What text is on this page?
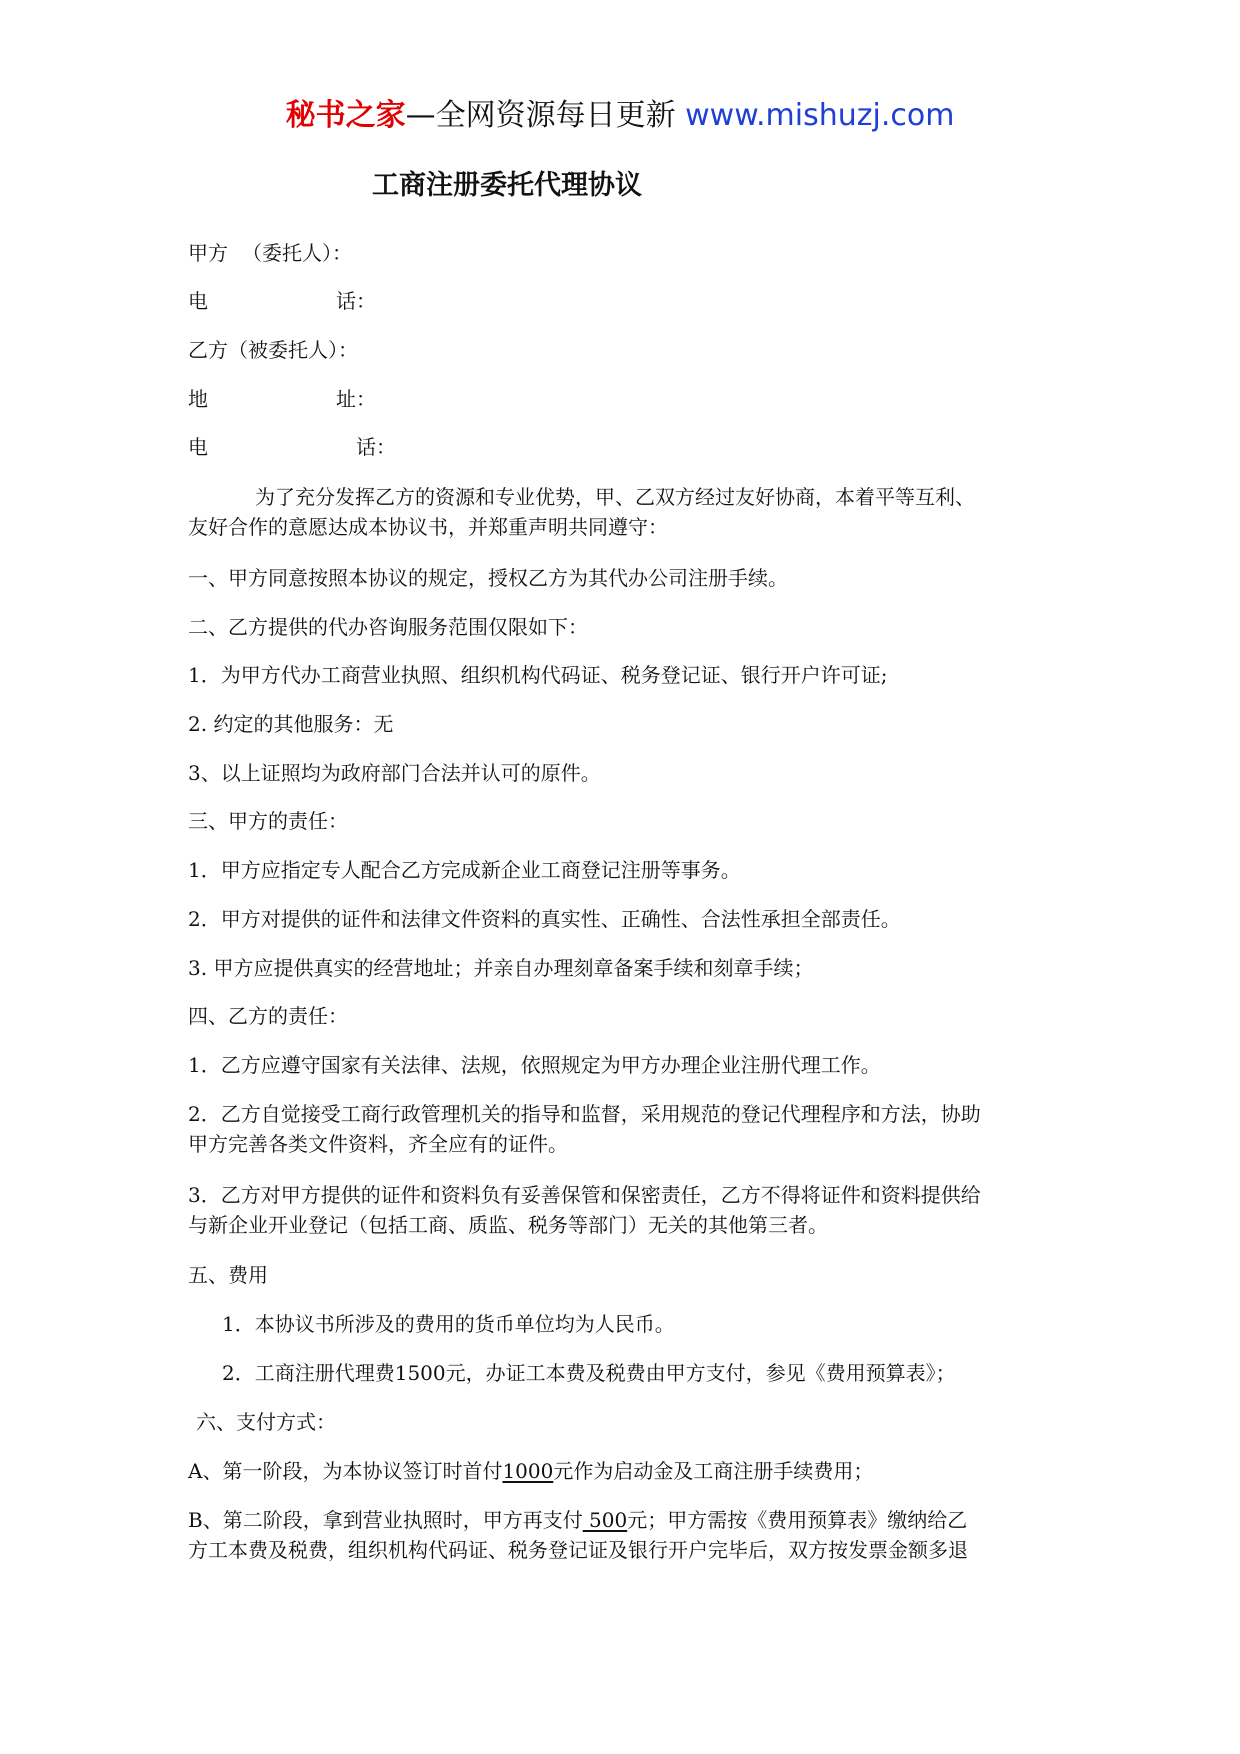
秘书之家—全网资源每日更新 www.mishuzj.com
工商注册委托代理协议

甲方 （委托人）：

电	话：

乙方（被委托人）：

地	址：

电	话：

为了充分发挥乙方的资源和专业优势，甲、乙双方经过友好协商，本着平等互利、

友好合作的意愿达成本协议书，并郑重声明共同遵守：

一、甲方同意按照本协议的规定，授权乙方为其代办公司注册手续。

二、乙方提供的代办咨询服务范围仅限如下：

1．为甲方代办工商营业执照、组织机构代码证、税务登记证、银行开户许可证;

2. 约定的其他服务：无

3、以上证照均为政府部门合法并认可的原件。

三、甲方的责任：

1．甲方应指定专人配合乙方完成新企业工商登记注册等事务。

2．甲方对提供的证件和法律文件资料的真实性、正确性、合法性承担全部责任。

3. 甲方应提供真实的经营地址；并亲自办理刻章备案手续和刻章手续；

四、乙方的责任：

1．乙方应遵守国家有关法律、法规，依照规定为甲方办理企业注册代理工作。

2．乙方自觉接受工商行政管理机关的指导和监督，采用规范的登记代理程序和方法，协助

甲方完善各类文件资料，齐全应有的证件。

3．乙方对甲方提供的证件和资料负有妥善保管和保密责任，乙方不得将证件和资料提供给

与新企业开业登记（包括工商、质监、税务等部门）无关的其他第三者。

五、费用

1．本协议书所涉及的费用的货币单位均为人民币。

2．工商注册代理费1500元，办证工本费及税费由甲方支付，参见《费用预算表》；

六、支付方式：

A、第一阶段，为本协议签订时首付1000元作为启动金及工商注册手续费用；

B、第二阶段，拿到营业执照时，甲方再支付 500元；甲方需按《费用预算表》缴纳给乙

方工本费及税费，组织机构代码证、税务登记证及银行开户完毕后，双方按发票金额多退
